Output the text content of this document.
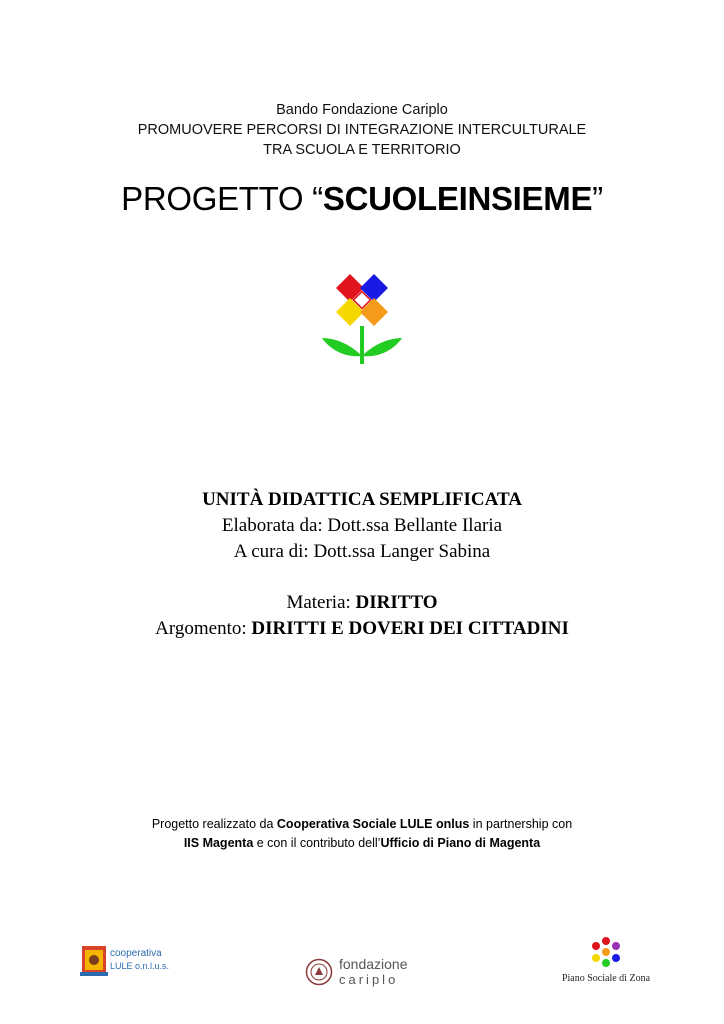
Bando Fondazione Cariplo
PROMUOVERE PERCORSI DI INTEGRAZIONE INTERCULTURALE
TRA SCUOLA E TERRITORIO
PROGETTO “SCUOLEINSIEME”
UNITÀ DIDATTICA SEMPLIFICATA
Elaborata da: Dott.ssa Bellante Ilaria
A cura di: Dott.ssa Langer Sabina
Materia: DIRITTO
Argomento: DIRITTI E DOVERI DEI CITTADINI
Progetto realizzato da Cooperativa Sociale LULE onlus in partnership con
IIS Magenta e con il contributo dell’Ufficio di Piano di Magenta
cooperativa
LULE o.n.l.u.s.	fondazione
cariplo	Piano Sociale di Zona
